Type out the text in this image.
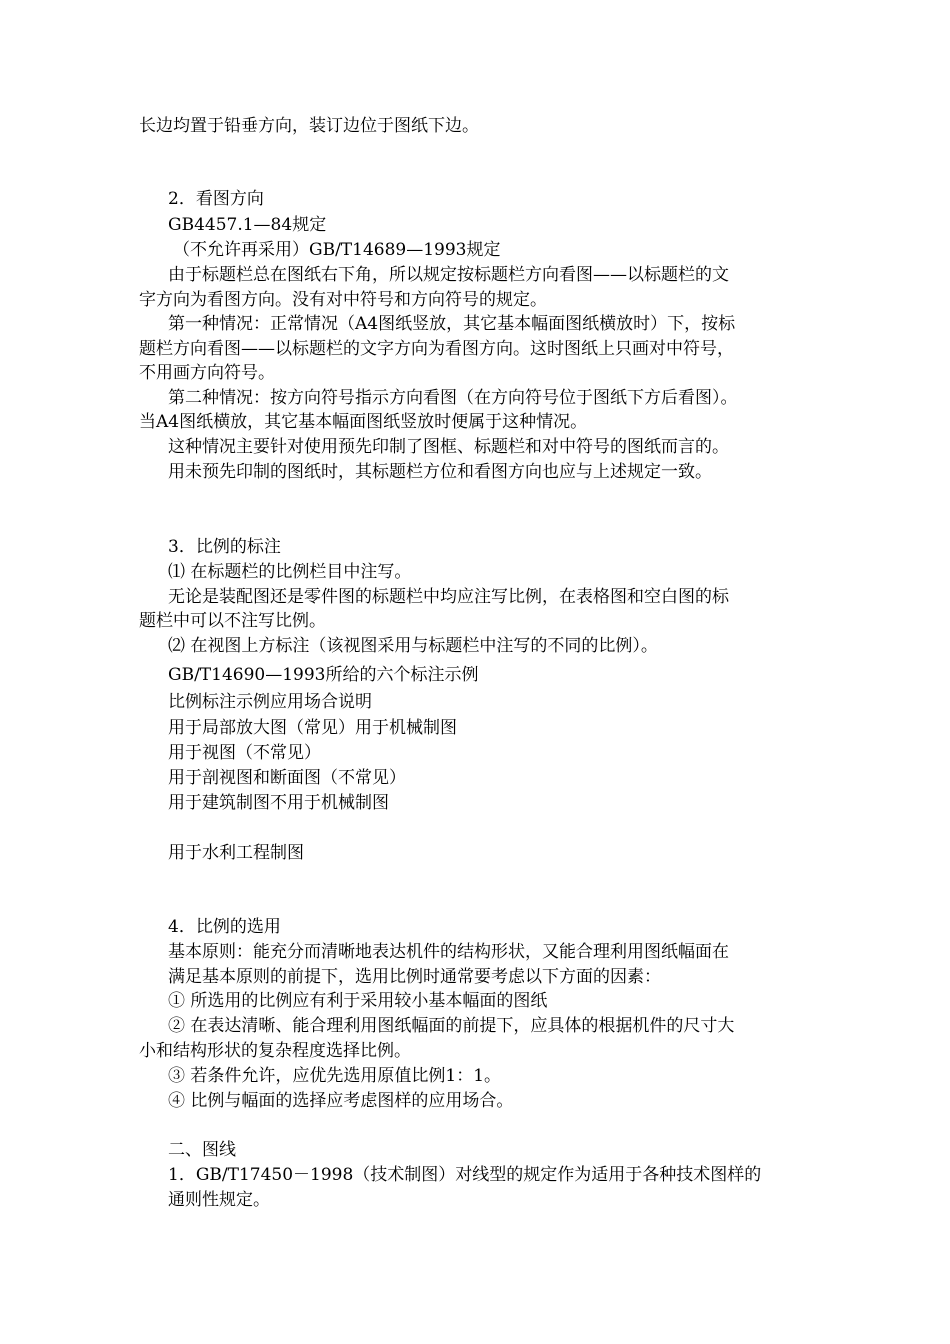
长边均置于铅垂方向，装订边位于图纸下边。

2．看图方向

GB4457.1—84规定

（不允许再采用）GB/T14689—1993规定

由于标题栏总在图纸右下角，所以规定按标题栏方向看图——以标题栏的文

字方向为看图方向。没有对中符号和方向符号的规定。

第一种情况：正常情况（A4图纸竖放，其它基本幅面图纸横放时）下，按标

题栏方向看图——以标题栏的文字方向为看图方向。这时图纸上只画对中符号，

不用画方向符号。

第二种情况：按方向符号指示方向看图（在方向符号位于图纸下方后看图）。

当A4图纸横放，其它基本幅面图纸竖放时便属于这种情况。

这种情况主要针对使用预先印制了图框、标题栏和对中符号的图纸而言的。

用未预先印制的图纸时，其标题栏方位和看图方向也应与上述规定一致。

3．比例的标注

⑴ 在标题栏的比例栏目中注写。

无论是装配图还是零件图的标题栏中均应注写比例，在表格图和空白图的标

题栏中可以不注写比例。

⑵ 在视图上方标注（该视图采用与标题栏中注写的不同的比例）。

GB/T14690—1993所给的六个标注示例

比例标注示例应用场合说明

用于局部放大图（常见）用于机械制图

用于视图（不常见）

用于剖视图和断面图（不常见）

用于建筑制图不用于机械制图

用于水利工程制图

4．比例的选用

基本原则：能充分而清晰地表达机件的结构形状，又能合理利用图纸幅面在

满足基本原则的前提下，选用比例时通常要考虑以下方面的因素：

① 所选用的比例应有利于采用较小基本幅面的图纸

② 在表达清晰、能合理利用图纸幅面的前提下，应具体的根据机件的尺寸大

小和结构形状的复杂程度选择比例。

③ 若条件允许，应优先选用原值比例1：1。

④ 比例与幅面的选择应考虑图样的应用场合。

二、图线

1．GB/T17450－1998（技术制图）对线型的规定作为适用于各种技术图样的

通则性规定。
